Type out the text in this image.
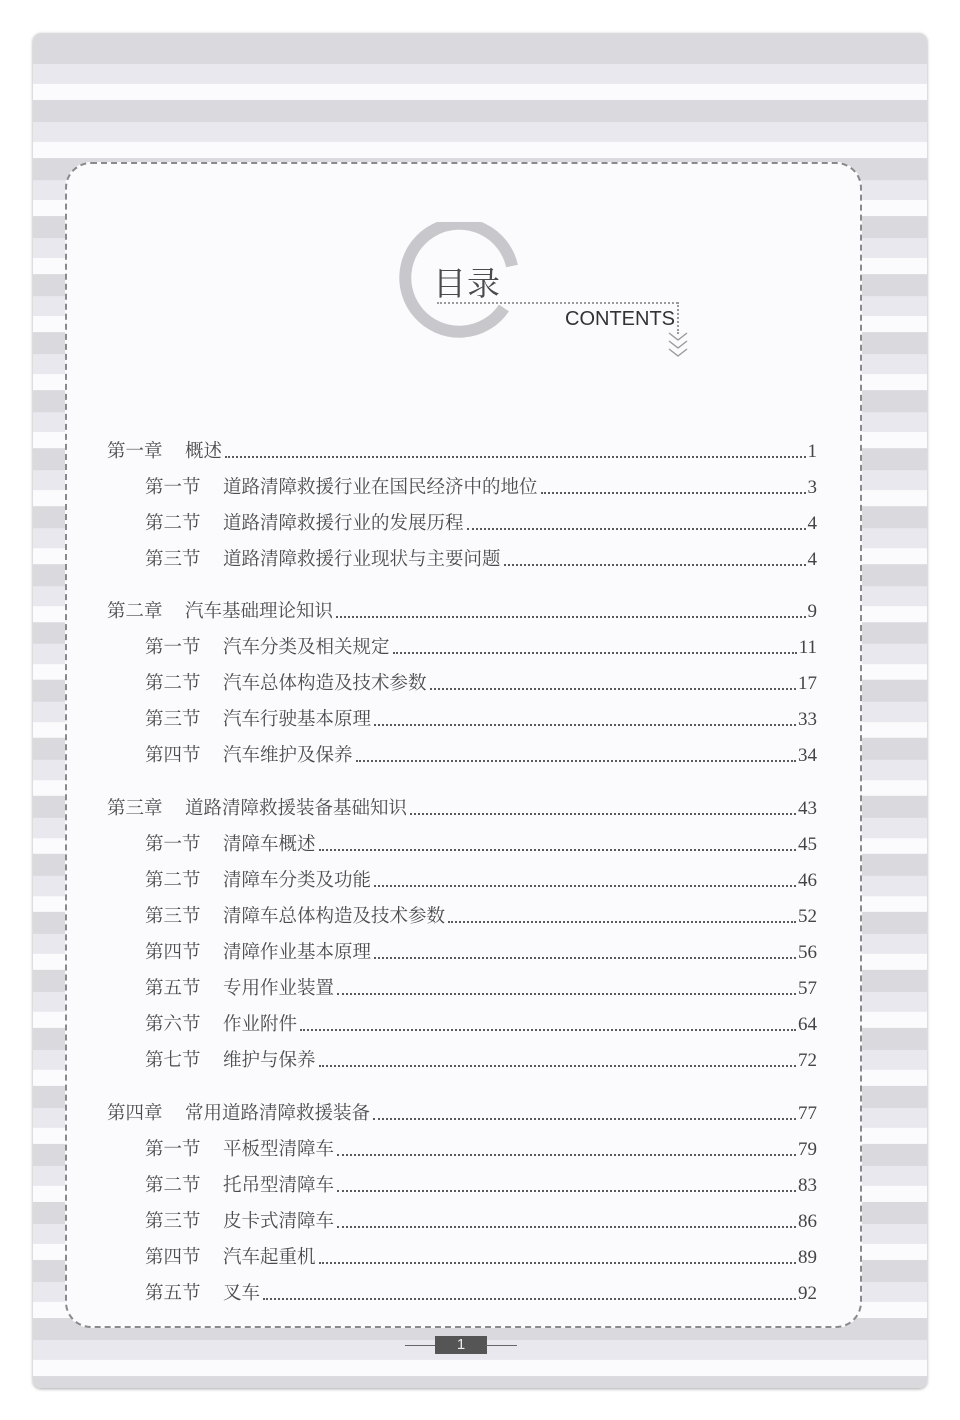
目录
CONTENTS
第一章	概述	1
第一节	道路清障救援行业在国民经济中的地位	3
第二节	道路清障救援行业的发展历程	4
第三节	道路清障救援行业现状与主要问题	4
第二章	汽车基础理论知识	9
第一节	汽车分类及相关规定	11
第二节	汽车总体构造及技术参数	17
第三节	汽车行驶基本原理	33
第四节	汽车维护及保养	34
第三章	道路清障救援装备基础知识	43
第一节	清障车概述	45
第二节	清障车分类及功能	46
第三节	清障车总体构造及技术参数	52
第四节	清障作业基本原理	56
第五节	专用作业装置	57
第六节	作业附件	64
第七节	维护与保养	72
第四章	常用道路清障救援装备	77
第一节	平板型清障车	79
第二节	托吊型清障车	83
第三节	皮卡式清障车	86
第四节	汽车起重机	89
第五节	叉车	92
1
